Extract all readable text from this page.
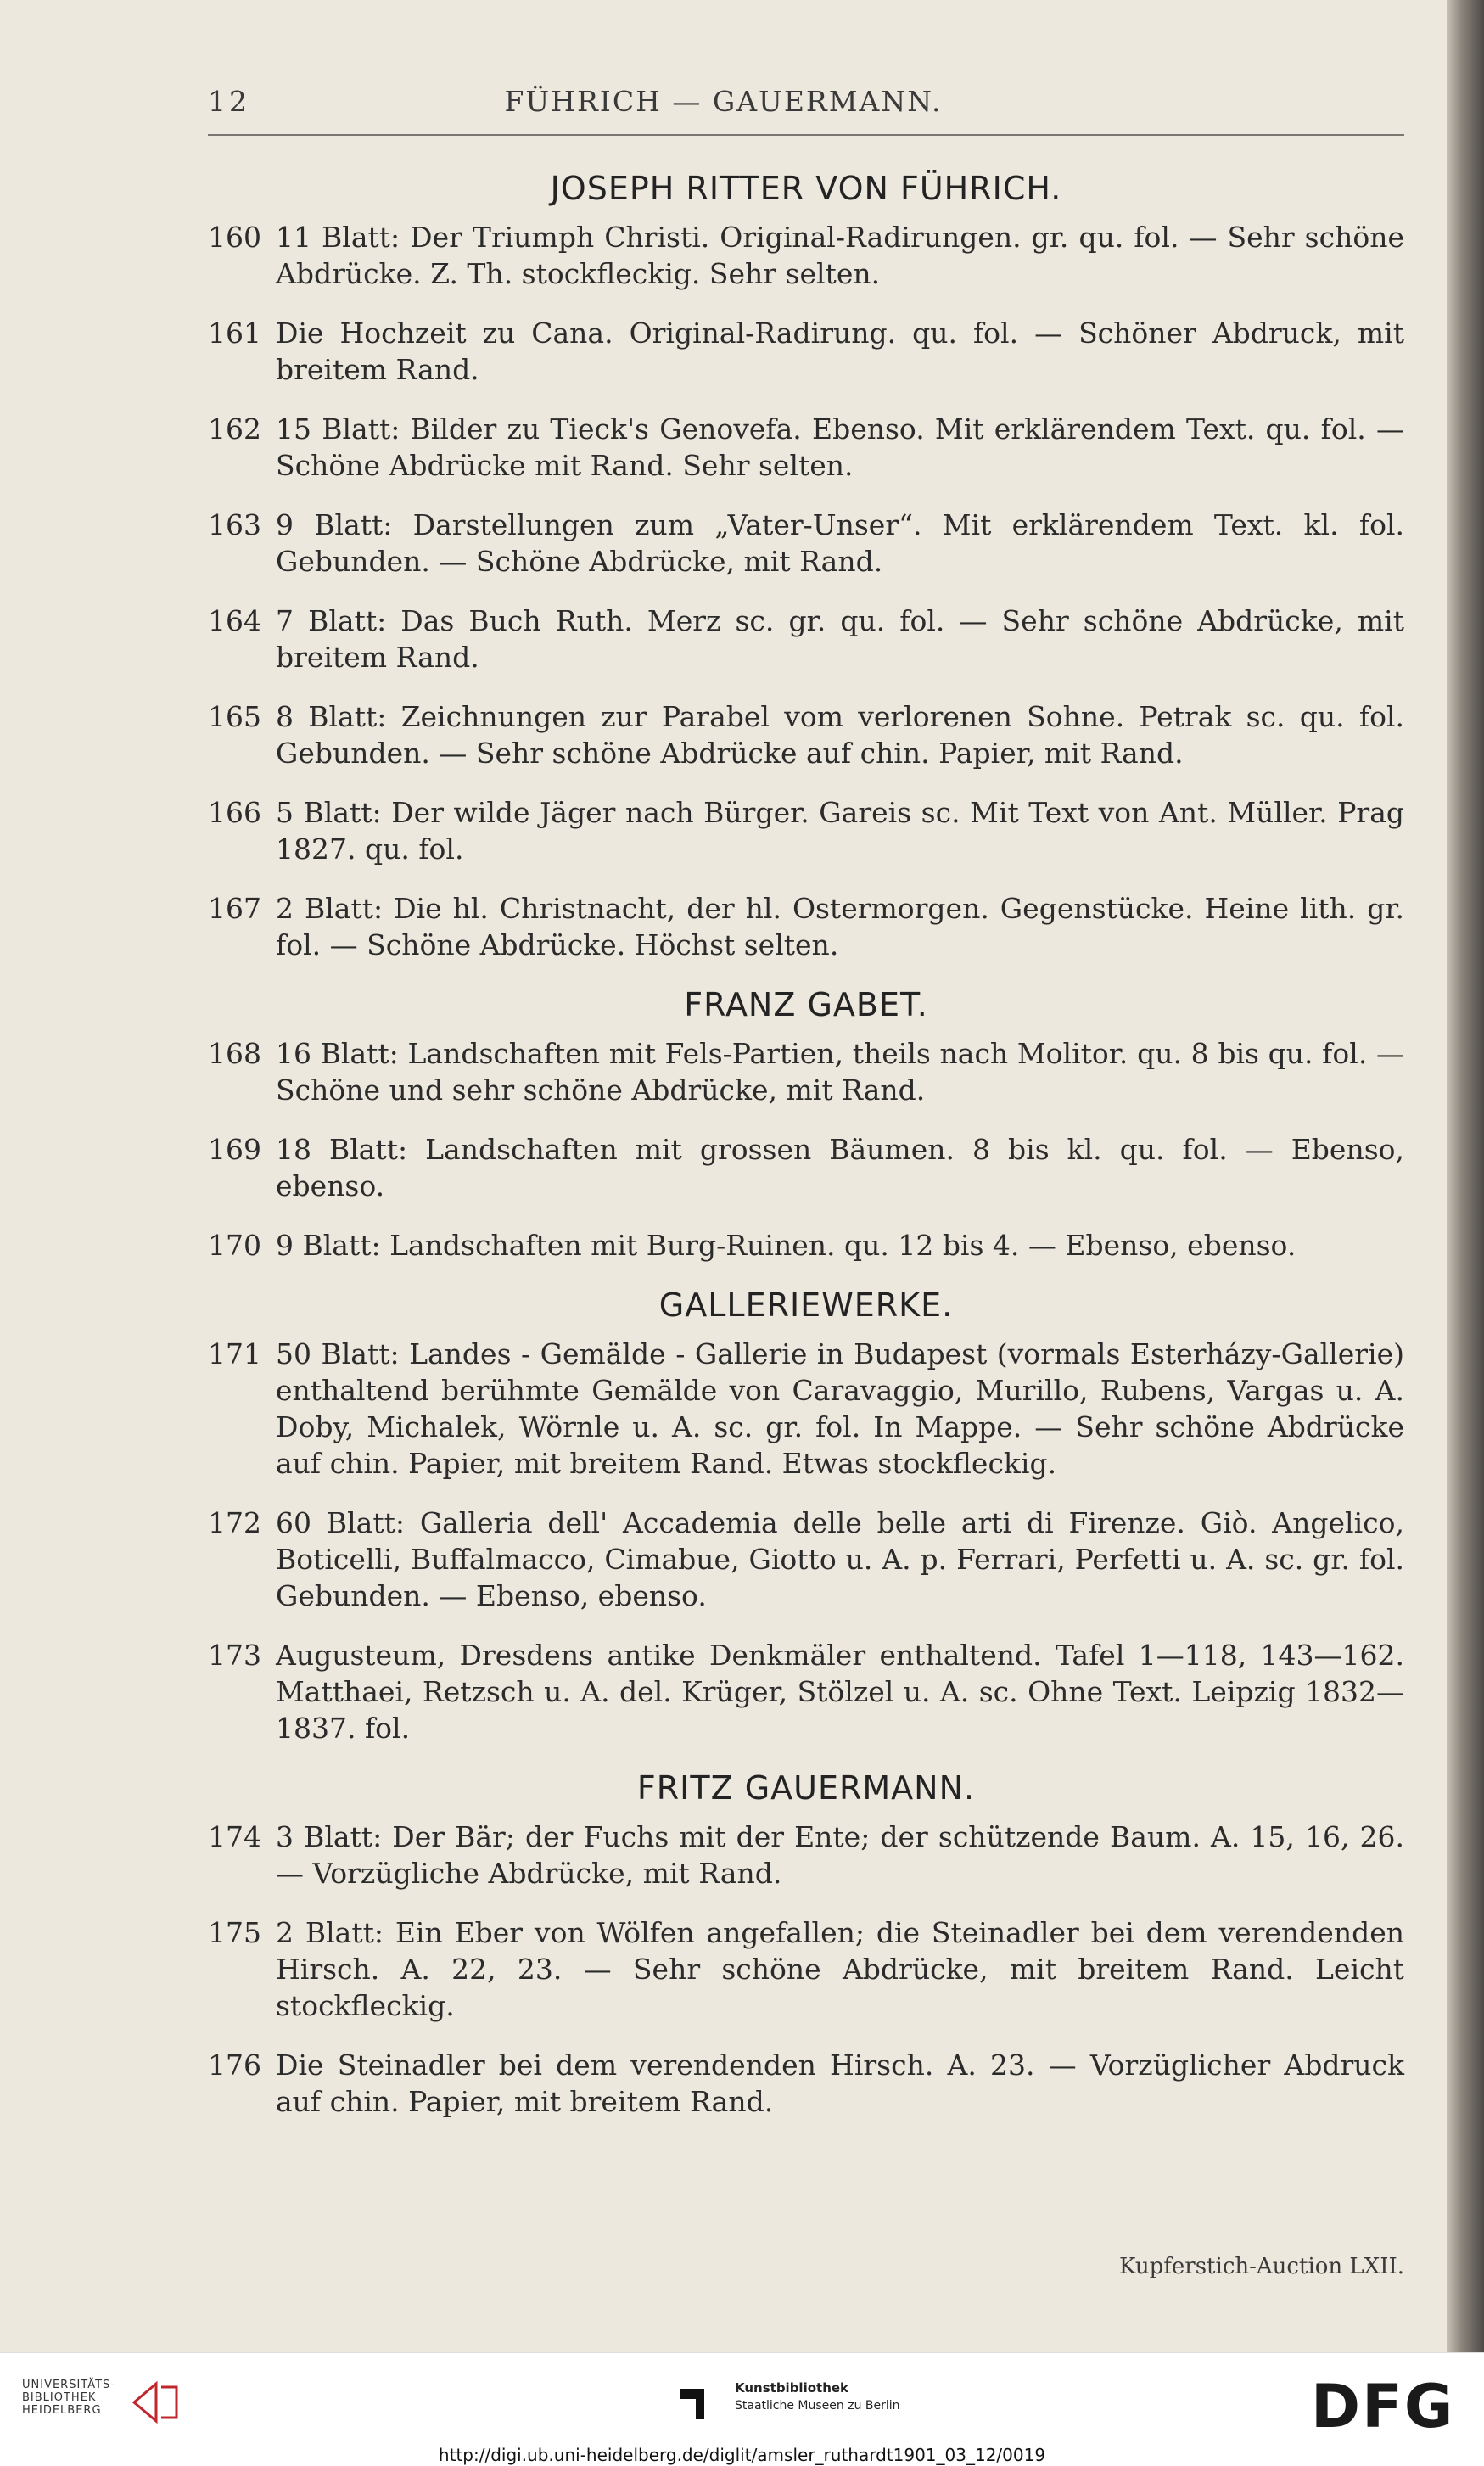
12	FÜHRICH — GAUERMANN.
JOSEPH RITTER VON FÜHRICH.
160 11 Blatt: Der Triumph Christi. Original-Radirungen. gr. qu. fol. — Sehr schöne Abdrücke. Z. Th. stockfleckig. Sehr selten.
161 Die Hochzeit zu Cana. Original-Radirung. qu. fol. — Schöner Abdruck, mit breitem Rand.
162 15 Blatt: Bilder zu Tieck's Genovefa. Ebenso. Mit erklärendem Text. qu. fol. — Schöne Abdrücke mit Rand. Sehr selten.
163 9 Blatt: Darstellungen zum „Vater-Unser“. Mit erklärendem Text. kl. fol. Gebunden. — Schöne Abdrücke, mit Rand.
164 7 Blatt: Das Buch Ruth. Merz sc. gr. qu. fol. — Sehr schöne Abdrücke, mit breitem Rand.
165 8 Blatt: Zeichnungen zur Parabel vom verlorenen Sohne. Petrak sc. qu. fol. Gebunden. — Sehr schöne Abdrücke auf chin. Papier, mit Rand.
166 5 Blatt: Der wilde Jäger nach Bürger. Gareis sc. Mit Text von Ant. Müller. Prag 1827. qu. fol.
167 2 Blatt: Die hl. Christnacht, der hl. Ostermorgen. Gegenstücke. Heine lith. gr. fol. — Schöne Abdrücke. Höchst selten.
FRANZ GABET.
168 16 Blatt: Landschaften mit Fels-Partien, theils nach Molitor. qu. 8 bis qu. fol. — Schöne und sehr schöne Abdrücke, mit Rand.
169 18 Blatt: Landschaften mit grossen Bäumen. 8 bis kl. qu. fol. — Ebenso, ebenso.
170 9 Blatt: Landschaften mit Burg-Ruinen. qu. 12 bis 4. — Ebenso, ebenso.
GALLERIEWERKE.
171 50 Blatt: Landes - Gemälde - Gallerie in Budapest (vormals Esterházy-Gallerie) enthaltend berühmte Gemälde von Caravaggio, Murillo, Rubens, Vargas u. A. Doby, Michalek, Wörnle u. A. sc. gr. fol. In Mappe. — Sehr schöne Abdrücke auf chin. Papier, mit breitem Rand. Etwas stockfleckig.
172 60 Blatt: Galleria dell' Accademia delle belle arti di Firenze. Giò. Angelico, Boticelli, Buffalmacco, Cimabue, Giotto u. A. p. Ferrari, Perfetti u. A. sc. gr. fol. Gebunden. — Ebenso, ebenso.
173 Augusteum, Dresdens antike Denkmäler enthaltend. Tafel 1—118, 143—162. Matthaei, Retzsch u. A. del. Krüger, Stölzel u. A. sc. Ohne Text. Leipzig 1832—1837. fol.
FRITZ GAUERMANN.
174 3 Blatt: Der Bär; der Fuchs mit der Ente; der schützende Baum. A. 15, 16, 26. — Vorzügliche Abdrücke, mit Rand.
175 2 Blatt: Ein Eber von Wölfen angefallen; die Steinadler bei dem verendenden Hirsch. A. 22, 23. — Sehr schöne Abdrücke, mit breitem Rand. Leicht stockfleckig.
176 Die Steinadler bei dem verendenden Hirsch. A. 23. — Vorzüglicher Abdruck auf chin. Papier, mit breitem Rand.
Kupferstich-Auction LXII.
UNIVERSITÄTS-
BIBLIOTHEK
HEIDELBERG
Kunstbibliothek
Staatliche Museen zu Berlin	DFG
http://digi.ub.uni-heidelberg.de/diglit/amsler_ruthardt1901_03_12/0019
